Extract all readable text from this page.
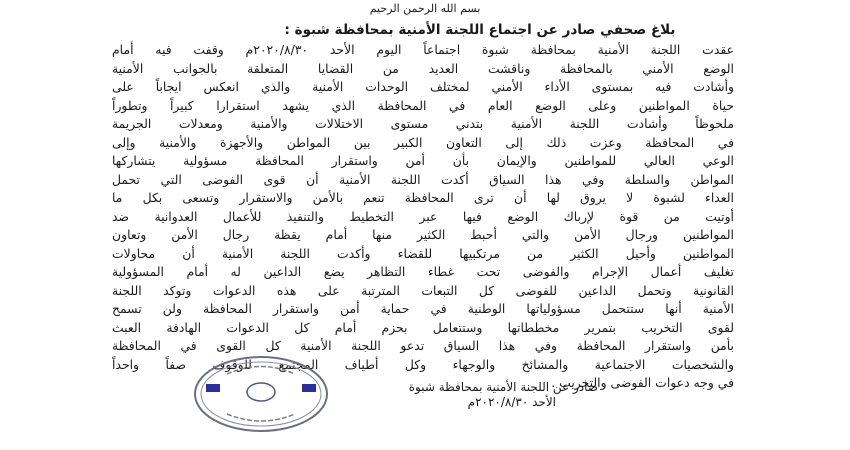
بسم الله الرحمن الرحيم
بلاغ صحفي صادر عن اجتماع اللجنة الأمنية بمحافظة شبوة :
عقدت اللجنة الأمنية بمحافظة شبوة اجتماعاً اليوم الأحد ٢٠٢٠/٨/٣٠م وقفت فيه أمام
الوضع الأمني بالمحافظة وناقشت العديد من القضايا المتعلقة بالجوانب الأمنية
وأشادت فيه بمستوى الأداء الأمني لمختلف الوحدات الأمنية والذي انعكس ايجاباً على
حياة المواطنين وعلى الوضع العام في المحافظة الذي يشهد استقرارا كبيراً وتطوراً
ملحوظاً وأشادت اللجنة الأمنية بتدني مستوى الاختلالات والأمنية ومعدلات الجريمة
في المحافظة وعزت ذلك إلى التعاون الكبير بين المواطن والأجهزة والأمنية وإلى
الوعي العالي للمواطنين والإيمان بأن أمن واستقرار المحافظة مسؤولية يتشاركها
المواطن والسلطة وفي هذا السياق أكدت اللجنة الأمنية أن قوى الفوضى التي تحمل
العداء لشبوة لا يروق لها أن ترى المحافظة تنعم بالأمن والاستقرار وتسعى بكل ما
أوتيت من قوة لإرباك الوضع فيها عبر التخطيط والتنفيذ للأعمال العدوانية ضد
المواطنين ورجال الأمن والتي أحبط الكثير منها أمام يقظة رجال الأمن وتعاون
المواطنين وأحيل الكثير من مرتكبيها للقضاء وأكدت اللجنة الأمنية أن محاولات
تغليف أعمال الإجرام والفوضى تحت غطاء التظاهر يضع الداعين له أمام المسؤولية
القانونية وتحمل الداعين للفوضى كل التبعات المترتبة على هذه الدعوات وتوكد اللجنة
الأمنية أنها ستتحمل مسؤولياتها الوطنية في حماية أمن واستقرار المحافظة ولن تسمح
لقوى التخريب بتمرير مخططاتها وستتعامل بحزم أمام كل الدعوات الهادفة العبث
بأمن واستقرار المحافظة وفي هذا السياق تدعو اللجنة الأمنية كل القوى في المحافظة
والشخصيات الاجتماعية والمشائخ والوجهاء وكل أطياف المجتمع للوقوف صفاً واحداً
في وجه دعوات الفوضى والتخريب .
صادر عن اللجنة الأمنية بمحافظة شبوة
الأحد ٢٠٢٠/٨/٣٠م
